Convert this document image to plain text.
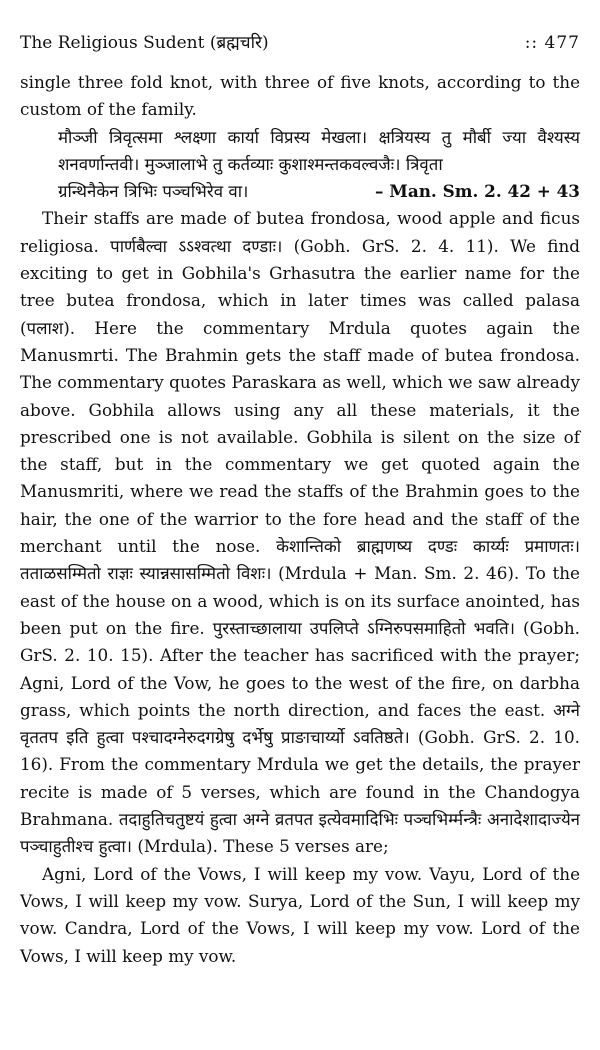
The Religious Sudent (ब्रह्मचरि)	:: 477

single three fold knot, with three of five knots, according to the custom of the family.

मौञ्जी त्रिवृत्समा श्लक्ष्णा कार्या विप्रस्य मेखला। क्षत्रियस्य तु मौर्बी ज्या वैश्यस्य शनवर्णान्तवी। मुञ्जालाभे तु कर्तव्याः कुशाश्मन्तकवल्वजैः। त्रिवृता

ग्रन्थिनैकेन त्रिभिः पञ्चभिरेव वा।	– Man. Sm. 2. 42 + 43

Their staffs are made of butea frondosa, wood apple and ficus religiosa. पार्णबैल्वा ऽऽश्वत्था दण्डाः। (Gobh. GrS. 2. 4. 11). We find exciting to get in Gobhila's Grhasutra the earlier name for the tree butea frondosa, which in later times was called palasa (पलाश). Here the commentary Mrdula quotes again the Manusmrti. The Brahmin gets the staff made of butea frondosa. The commentary quotes Paraskara as well, which we saw already above. Gobhila allows using any all these materials, it the prescribed one is not available. Gobhila is silent on the size of the staff, but in the commentary we get quoted again the Manusmriti, where we read the staffs of the Brahmin goes to the hair, the one of the warrior to the fore head and the staff of the merchant until the nose. केशान्तिको ब्राह्मणष्य दण्डः कार्य्यः प्रमाणतः। तताळसम्मितो राज्ञः स्यान्नसासम्मितो विशः। (Mrdula + Man. Sm. 2. 46). To the east of the house on a wood, which is on its surface anointed, has been put on the fire. पुरस्ताच्छालाया उपलिप्ते ऽग्निरुपसमाहितो भवति। (Gobh. GrS. 2. 10. 15). After the teacher has sacrificed with the prayer; Agni, Lord of the Vow, he goes to the west of the fire, on darbha grass, which points the north direction, and faces the east. अग्ने वृततप इति हुत्वा पश्चादग्नेरुदगग्रेषु दर्भेषु प्राङाचार्य्यो ऽवतिष्ठते। (Gobh. GrS. 2. 10. 16). From the commentary Mrdula we get the details, the prayer recite is made of 5 verses, which are found in the Chandogya Brahmana. तदाहुतिचतुष्टयं हुत्वा अग्ने व्रतपत इत्येवमादिभिः पञ्चभिर्म्मन्त्रैः अनादेशादाज्येन पञ्चाहुतीश्च हुत्वा। (Mrdula). These 5 verses are;

Agni, Lord of the Vows, I will keep my vow. Vayu, Lord of the Vows, I will keep my vow. Surya, Lord of the Sun, I will keep my vow. Candra, Lord of the Vows, I will keep my vow. Lord of the Vows, I will keep my vow.
